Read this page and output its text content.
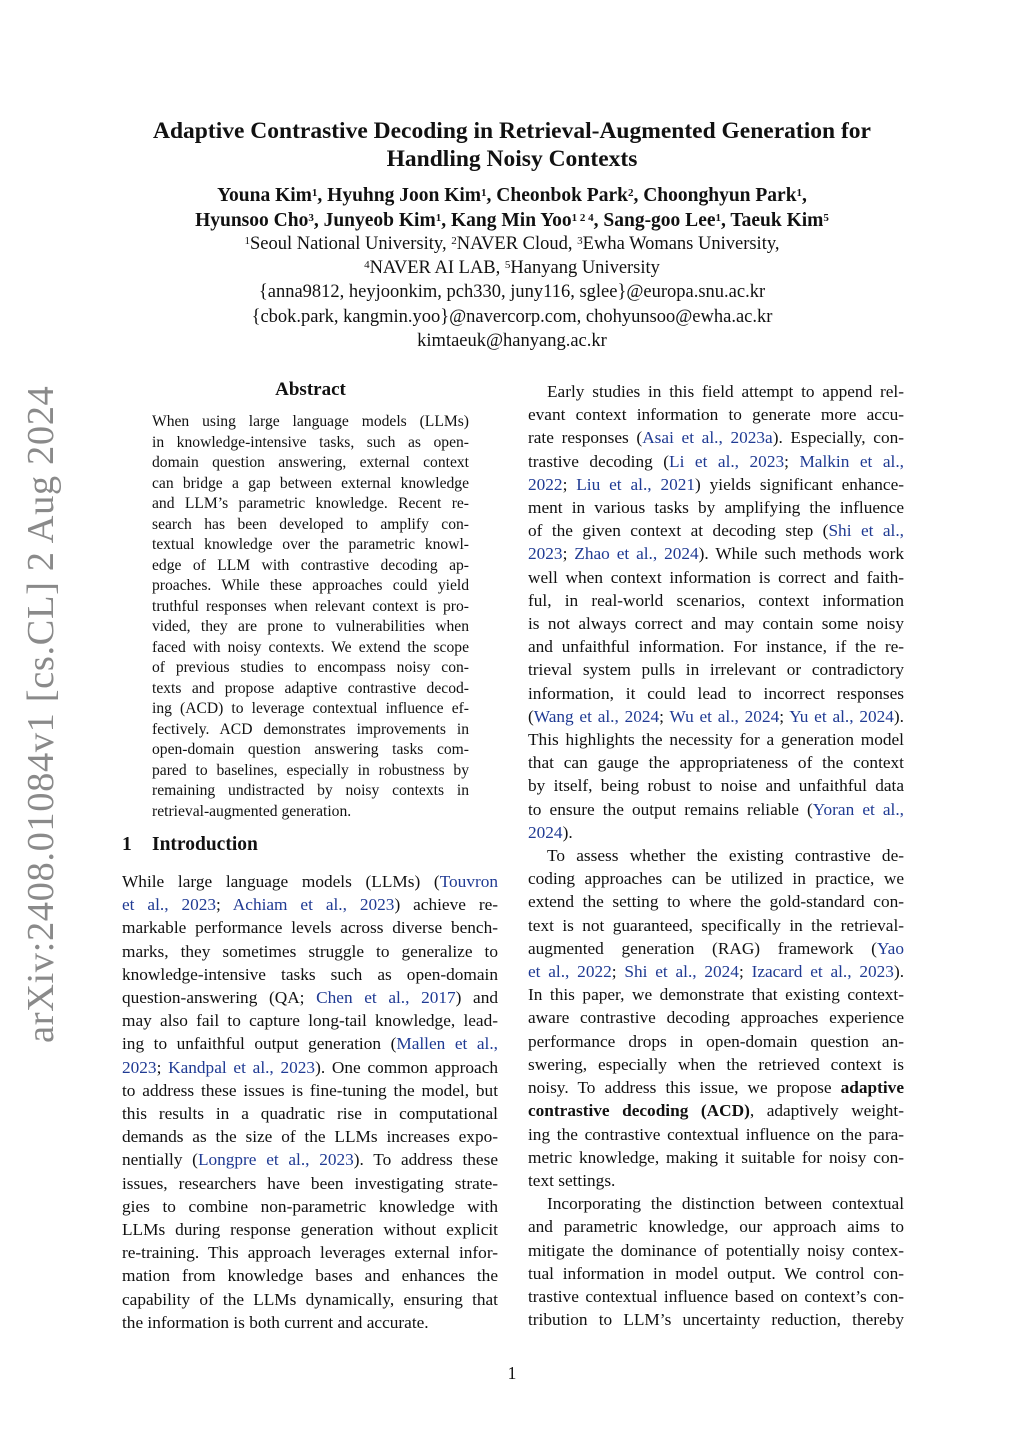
arXiv:2408.01084v1 [cs.CL] 2 Aug 2024
Adaptive Contrastive Decoding in Retrieval-Augmented Generation for
Handling Noisy Contexts
Youna Kim$^1$, Hyuhng Joon Kim$^1$, Cheonbok Park$^2$, Choonghyun Park$^1$,
Hyunsoo Cho$^3$, Junyeob Kim$^1$, Kang Min Yoo$^{1 2 4}$, Sang-goo Lee$^1$, Taeuk Kim$^5$
$^1$Seoul National University, $^2$NAVER Cloud, $^3$Ewha Womans University,
$^4$NAVER AI LAB, $^5$Hanyang University
{anna9812, heyjoonkim, pch330, juny116, sglee}@europa.snu.ac.kr
{cbok.park, kangmin.yoo}@navercorp.com, chohyunsoo@ewha.ac.kr
kimtaeuk@hanyang.ac.kr
Abstract
When using large language models (LLMs)
in knowledge-intensive tasks, such as open-
domain question answering, external context
can bridge a gap between external knowledge
and LLM’s parametric knowledge. Recent re-
search has been developed to amplify con-
textual knowledge over the parametric knowl-
edge of LLM with contrastive decoding ap-
proaches. While these approaches could yield
truthful responses when relevant context is pro-
vided, they are prone to vulnerabilities when
faced with noisy contexts. We extend the scope
of previous studies to encompass noisy con-
texts and propose adaptive contrastive decod-
ing (ACD) to leverage contextual influence ef-
fectively. ACD demonstrates improvements in
open-domain question answering tasks com-
pared to baselines, especially in robustness by
remaining undistracted by noisy contexts in
retrieval-augmented generation.
1 Introduction
While large language models (LLMs) (Touvron
et al., 2023; Achiam et al., 2023) achieve re-
markable performance levels across diverse bench-
marks, they sometimes struggle to generalize to
knowledge-intensive tasks such as open-domain
question-answering (QA; Chen et al., 2017) and
may also fail to capture long-tail knowledge, lead-
ing to unfaithful output generation (Mallen et al.,
2023; Kandpal et al., 2023). One common approach
to address these issues is fine-tuning the model, but
this results in a quadratic rise in computational
demands as the size of the LLMs increases expo-
nentially (Longpre et al., 2023). To address these
issues, researchers have been investigating strate-
gies to combine non-parametric knowledge with
LLMs during response generation without explicit
re-training. This approach leverages external infor-
mation from knowledge bases and enhances the
capability of the LLMs dynamically, ensuring that
the information is both current and accurate.
Early studies in this field attempt to append rel-
evant context information to generate more accu-
rate responses (Asai et al., 2023a). Especially, con-
trastive decoding (Li et al., 2023; Malkin et al.,
2022; Liu et al., 2021) yields significant enhance-
ment in various tasks by amplifying the influence
of the given context at decoding step (Shi et al.,
2023; Zhao et al., 2024). While such methods work
well when context information is correct and faith-
ful, in real-world scenarios, context information
is not always correct and may contain some noisy
and unfaithful information. For instance, if the re-
trieval system pulls in irrelevant or contradictory
information, it could lead to incorrect responses
(Wang et al., 2024; Wu et al., 2024; Yu et al., 2024).
This highlights the necessity for a generation model
that can gauge the appropriateness of the context
by itself, being robust to noise and unfaithful data
to ensure the output remains reliable (Yoran et al.,
2024).
To assess whether the existing contrastive de-
coding approaches can be utilized in practice, we
extend the setting to where the gold-standard con-
text is not guaranteed, specifically in the retrieval-
augmented generation (RAG) framework (Yao
et al., 2022; Shi et al., 2024; Izacard et al., 2023).
In this paper, we demonstrate that existing context-
aware contrastive decoding approaches experience
performance drops in open-domain question an-
swering, especially when the retrieved context is
noisy. To address this issue, we propose adaptive
contrastive decoding (ACD), adaptively weight-
ing the contrastive contextual influence on the para-
metric knowledge, making it suitable for noisy con-
text settings.
Incorporating the distinction between contextual
and parametric knowledge, our approach aims to
mitigate the dominance of potentially noisy contex-
tual information in model output. We control con-
trastive contextual influence based on context’s con-
tribution to LLM’s uncertainty reduction, thereby
1
